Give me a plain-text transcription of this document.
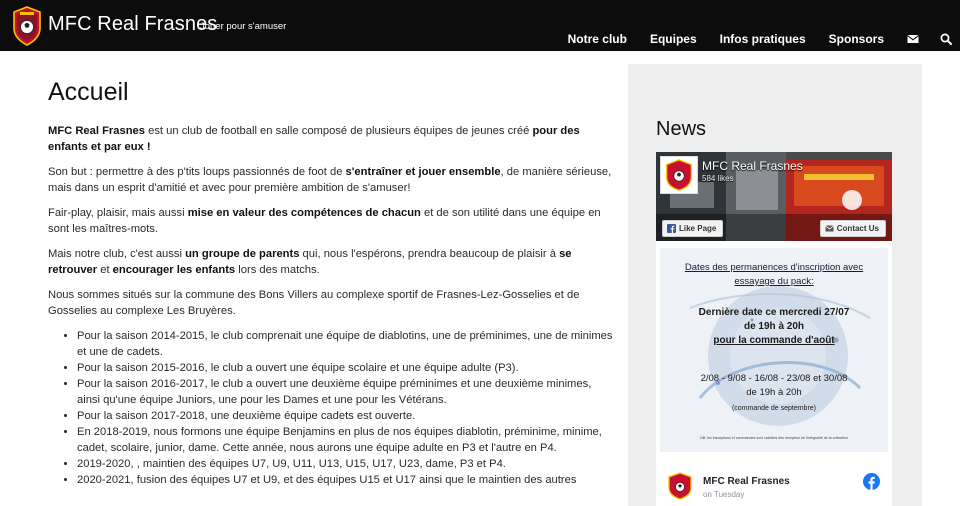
MFC Real Frasnes
Jouer pour s'amuser
Notre club Equipes Infos pratiques Sponsors
Accueil

MFC Real Frasnes est un club de football en salle composé de plusieurs équipes de jeunes créé pour des enfants et par eux !

Son but : permettre à des p'tits loups passionnés de foot de s'entraîner et jouer ensemble, de manière sérieuse, mais dans un esprit d'amitié et avec pour première ambition de s'amuser!

Fair-play, plaisir, mais aussi mise en valeur des compétences de chacun et de son utilité dans une équipe en sont les maîtres-mots.

Mais notre club, c'est aussi un groupe de parents qui, nous l'espérons, prendra beaucoup de plaisir à se retrouver et encourager les enfants lors des matchs.

Nous sommes situés sur la commune des Bons Villers au complexe sportif de Frasnes-Lez-Gosselies et de Gosselies au complexe Les Bruyères.

• Pour la saison 2014-2015, le club comprenait une équipe de diablotins, une de préminimes, une de minimes et une de cadets.
• Pour la saison 2015-2016, le club a ouvert une équipe scolaire et une équipe adulte (P3).
• Pour la saison 2016-2017, le club a ouvert une deuxième équipe préminimes et une deuxième minimes, ainsi qu'une équipe Juniors, une pour les Dames et une pour les Vétérans.
• Pour la saison 2017-2018, une deuxième équipe cadets est ouverte.
• En 2018-2019, nous formons une équipe Benjamins en plus de nos équipes diablotin, préminime, minime, cadet, scolaire, junior, dame. Cette année, nous aurons une équipe adulte en P3 et l'autre en P4.
• 2019-2020, , maintien des équipes U7, U9, U11, U13, U15, U17, U23, dame, P3 et P4.
• 2020-2021, fusion des équipes U7 et U9, et des équipes U15 et U17 ainsi que le maintien des autres
News
MFC Real Frasnes
584 likes
Like Page	Contact Us
Dates des permanences d'inscription avec
essayage du pack:
Dernière date ce mercredi 27/07
de 19h à 20h
pour la commande d'août
2/08 - 9/08 - 16/08 - 23/08 et 30/08
de 19h à 20h
(commande de septembre)
NB: les inscriptions et commandes sont validées dès réception de l'intégralité de la cotisation
MFC Real Frasnes
on Tuesday
